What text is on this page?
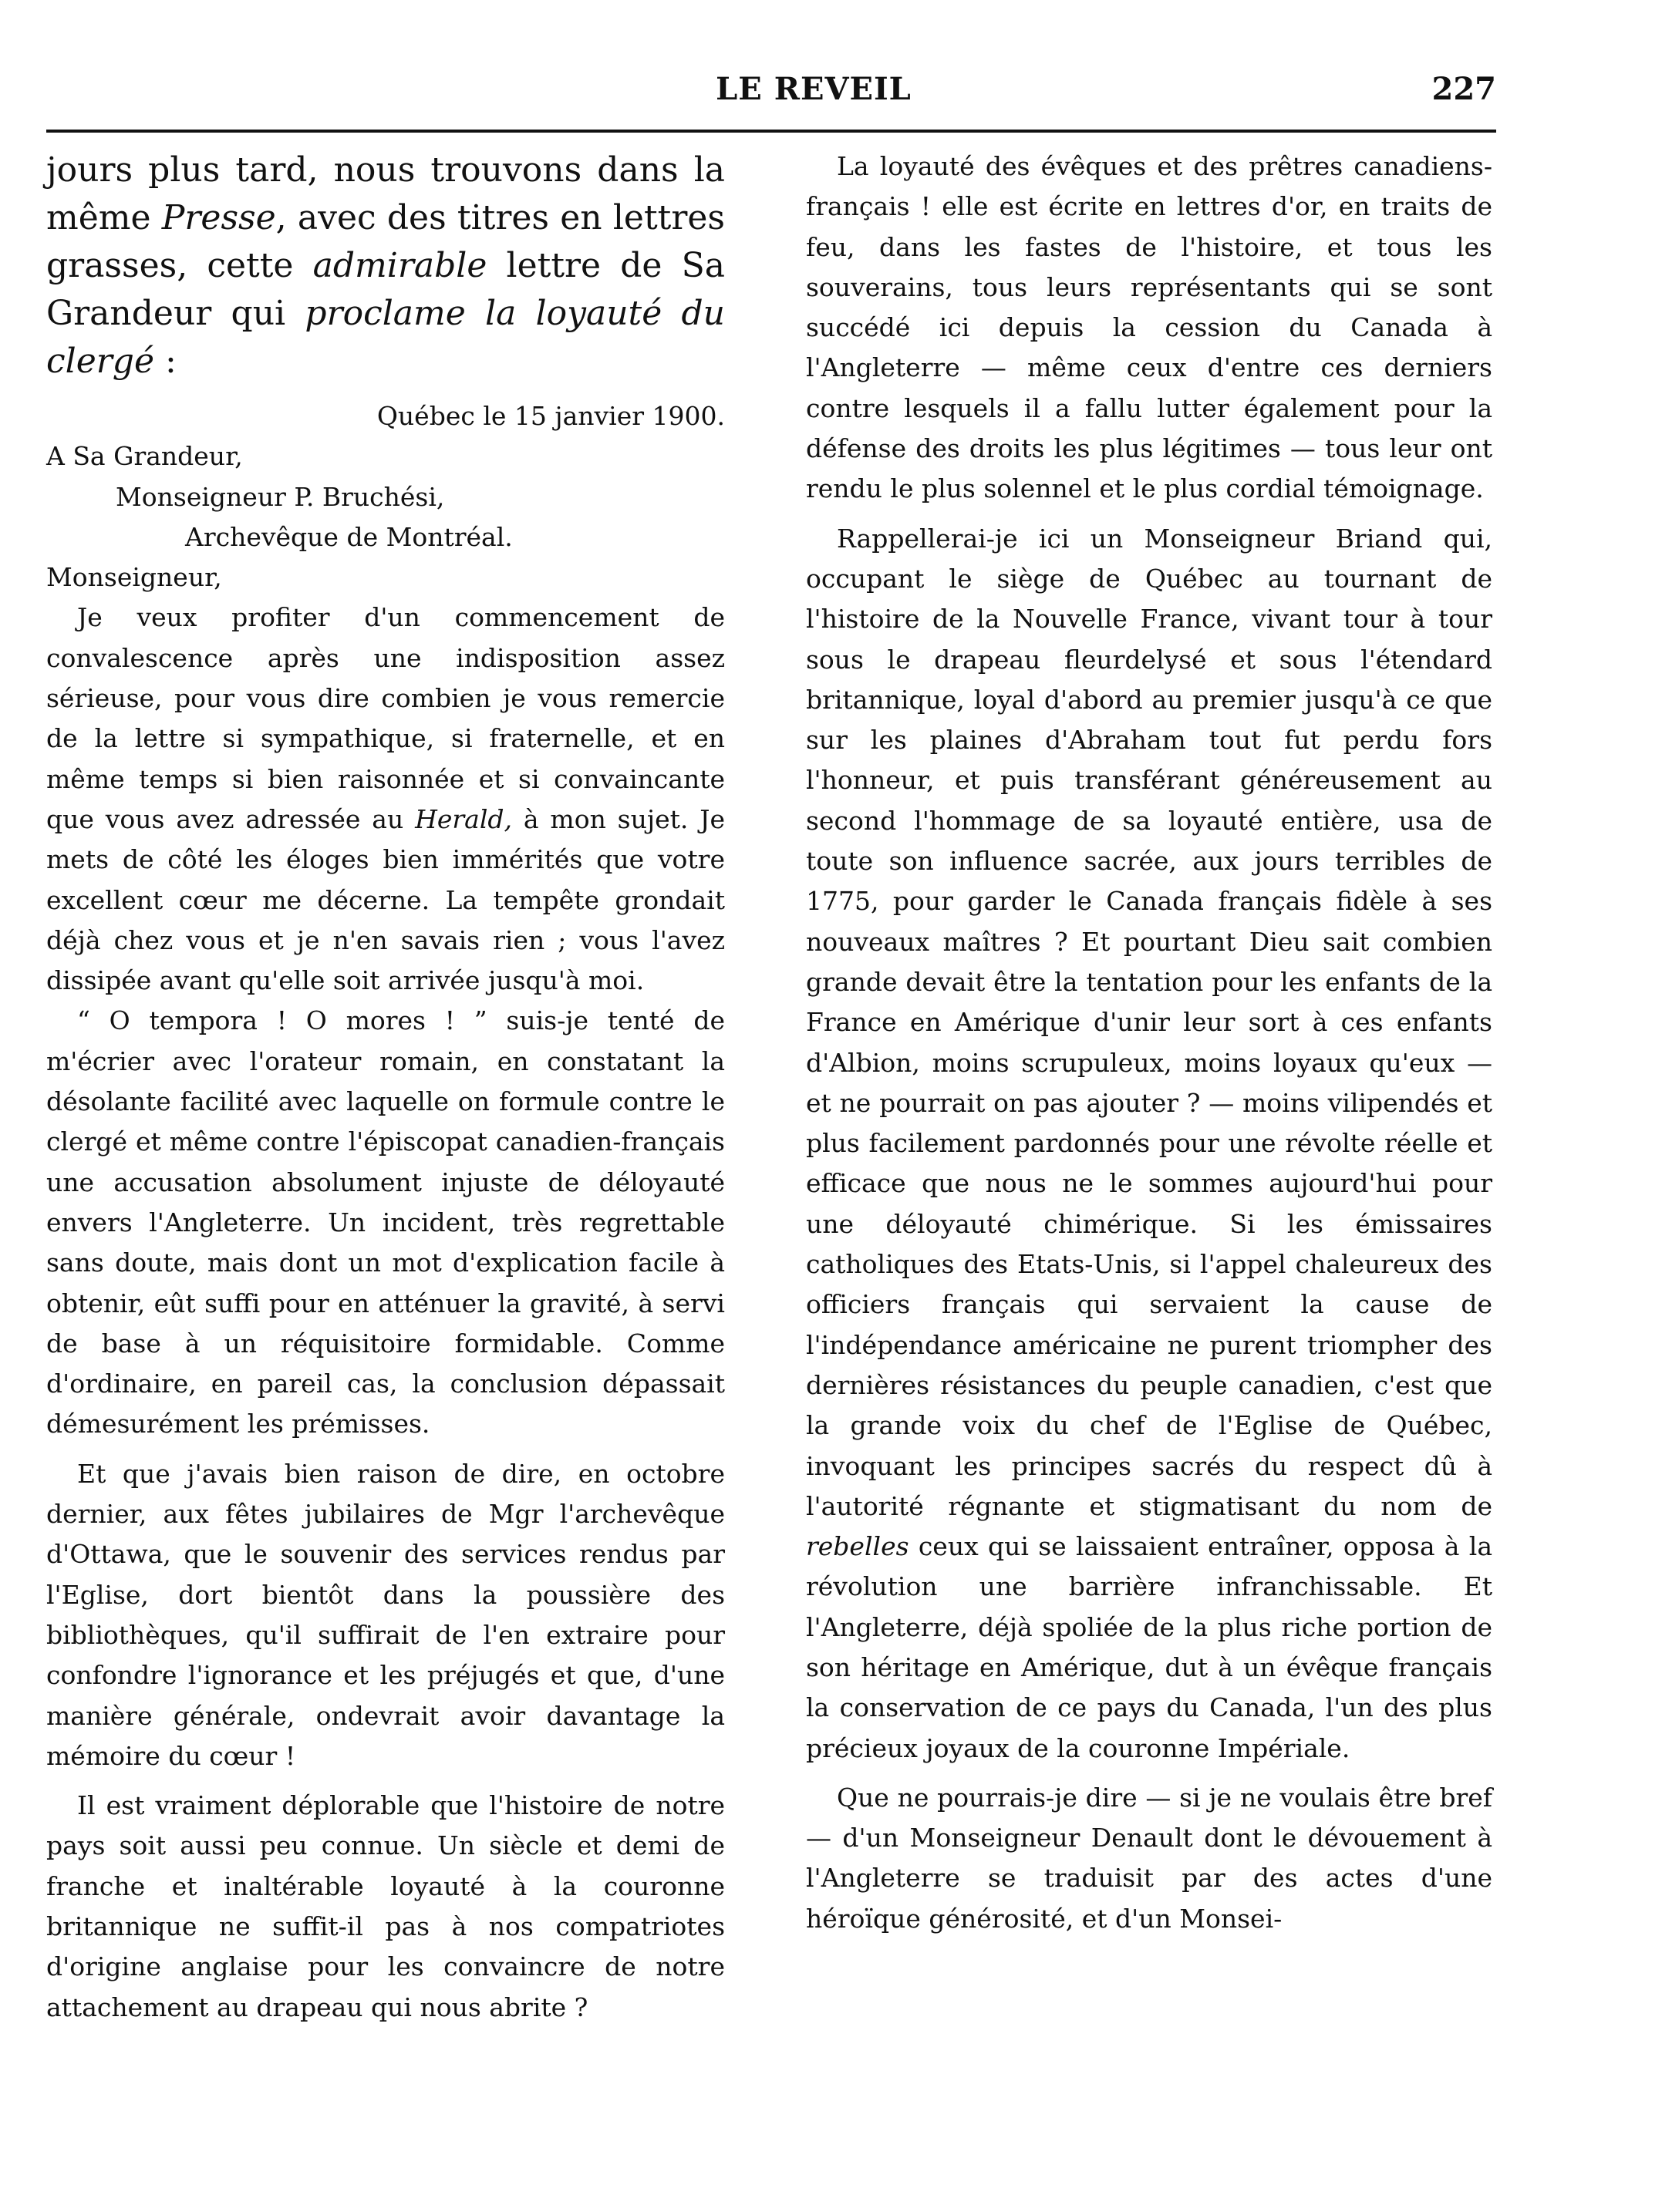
LE REVEIL	227

jours plus tard, nous trouvons dans la même Presse, avec des titres en lettres grasses, cette admirable lettre de Sa Grandeur qui proclame la loyauté du clergé :

Québec le 15 janvier 1900.

A Sa Grandeur,

Monseigneur P. Bruchési,

Archevêque de Montréal.

Monseigneur,

Je veux profiter d'un commencement de convalescence après une indisposition assez sérieuse, pour vous dire combien je vous remercie de la lettre si sympathique, si fraternelle, et en même temps si bien raisonnée et si convaincante que vous avez adressée au Herald, à mon sujet. Je mets de côté les éloges bien immérités que votre excellent cœur me décerne. La tempête grondait déjà chez vous et je n'en savais rien ; vous l'avez dissipée avant qu'elle soit arrivée jusqu'à moi.

“ O tempora ! O mores ! ” suis-je tenté de m'écrier avec l'orateur romain, en constatant la désolante facilité avec laquelle on formule contre le clergé et même contre l'épiscopat canadien-français une accusation absolument injuste de déloyauté envers l'Angleterre. Un incident, très regrettable sans doute, mais dont un mot d'explication facile à obtenir, eût suffi pour en atténuer la gravité, à servi de base à un réquisitoire formidable. Comme d'ordinaire, en pareil cas, la conclusion dépassait démesurément les prémisses.

Et que j'avais bien raison de dire, en octobre dernier, aux fêtes jubilaires de Mgr l'archevêque d'Ottawa, que le souvenir des services rendus par l'Eglise, dort bientôt dans la poussière des bibliothèques, qu'il suffirait de l'en extraire pour confondre l'ignorance et les préjugés et que, d'une manière générale, ondevrait avoir davantage la mémoire du cœur !

Il est vraiment déplorable que l'histoire de notre pays soit aussi peu connue. Un siècle et demi de franche et inaltérable loyauté à la couronne britannique ne suffit-il pas à nos compatriotes d'origine anglaise pour les convaincre de notre attachement au drapeau qui nous abrite ?

La loyauté des évêques et des prêtres canadiens-français ! elle est écrite en lettres d'or, en traits de feu, dans les fastes de l'histoire, et tous les souverains, tous leurs représentants qui se sont succédé ici depuis la cession du Canada à l'Angleterre — même ceux d'entre ces derniers contre lesquels il a fallu lutter également pour la défense des droits les plus légitimes — tous leur ont rendu le plus solennel et le plus cordial témoignage.

Rappellerai-je ici un Monseigneur Briand qui, occupant le siège de Québec au tournant de l'histoire de la Nouvelle France, vivant tour à tour sous le drapeau fleurdelysé et sous l'étendard britannique, loyal d'abord au premier jusqu'à ce que sur les plaines d'Abraham tout fut perdu fors l'honneur, et puis transférant généreusement au second l'hommage de sa loyauté entière, usa de toute son influence sacrée, aux jours terribles de 1775, pour garder le Canada français fidèle à ses nouveaux maîtres ? Et pourtant Dieu sait combien grande devait être la tentation pour les enfants de la France en Amérique d'unir leur sort à ces enfants d'Albion, moins scrupuleux, moins loyaux qu'eux — et ne pourrait on pas ajouter ? — moins vilipendés et plus facilement pardonnés pour une révolte réelle et efficace que nous ne le sommes aujourd'hui pour une déloyauté chimérique. Si les émissaires catholiques des Etats-Unis, si l'appel chaleureux des officiers français qui servaient la cause de l'indépendance américaine ne purent triompher des dernières résistances du peuple canadien, c'est que la grande voix du chef de l'Eglise de Québec, invoquant les principes sacrés du respect dû à l'autorité régnante et stigmatisant du nom de rebelles ceux qui se laissaient entraîner, opposa à la révolution une barrière infranchissable. Et l'Angleterre, déjà spoliée de la plus riche portion de son héritage en Amérique, dut à un évêque français la conservation de ce pays du Canada, l'un des plus précieux joyaux de la couronne Impériale.

Que ne pourrais-je dire — si je ne voulais être bref — d'un Monseigneur Denault dont le dévouement à l'Angleterre se traduisit par des actes d'une héroïque générosité, et d'un Monsei-
